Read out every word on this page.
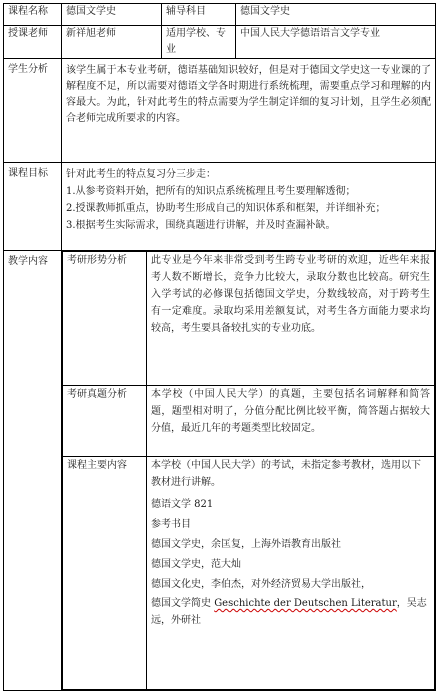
课程名称	德国文学史	辅导科目	德国文学史
授课老师	新祥旭老师	适用学校、专业	中国人民大学德语语言文学专业

学生分析	该学生属于本专业考研，德语基础知识较好，但是对于德国文学史这一专业课的了解程度不足，所以需要对德语文学各时期进行系统梳理，需要重点学习和理解的内容最大。为此，针对此考生的特点需要为学生制定详细的复习计划，且学生必须配合老师完成所要求的内容。

课程目标	针对此考生的特点复习分三步走：
1.从参考资料开始，把所有的知识点系统梳理且考生要理解透彻；
2.授课教师抓重点，协助考生形成自己的知识体系和框架，并详细补充；
3.根据考生实际需求，围绕真题进行讲解，并及时查漏补缺。

教学内容	考研形势分析	此专业是今年来非常受到考生跨专业考研的欢迎，近些年来报考人数不断增长，竞争力比较大，录取分数也比较高。研究生入学考试的必修课包括德国文学史，分数线较高，对于跨考生有一定难度。录取均采用差额复试，对考生各方面能力要求均较高，考生要具备较扎实的专业功底。
考研真题分析	本学校（中国人民大学）的真题，主要包括名词解释和简答题，题型相对明了，分值分配比例比较平衡，简答题占据较大分值，最近几年的考题类型比较固定。
课程主要内容	本学校（中国人民大学）的考试，未指定参考教材，选用以下教材进行讲解。
德语文学 821
参考书目
德国文学史，余匡复，上海外语教育出版社
德国文学史，范大灿
德国文化史，李伯杰，对外经济贸易大学出版社，
德国文学简史 Geschichte der Deutschen Literatur，吴志远，外研社
